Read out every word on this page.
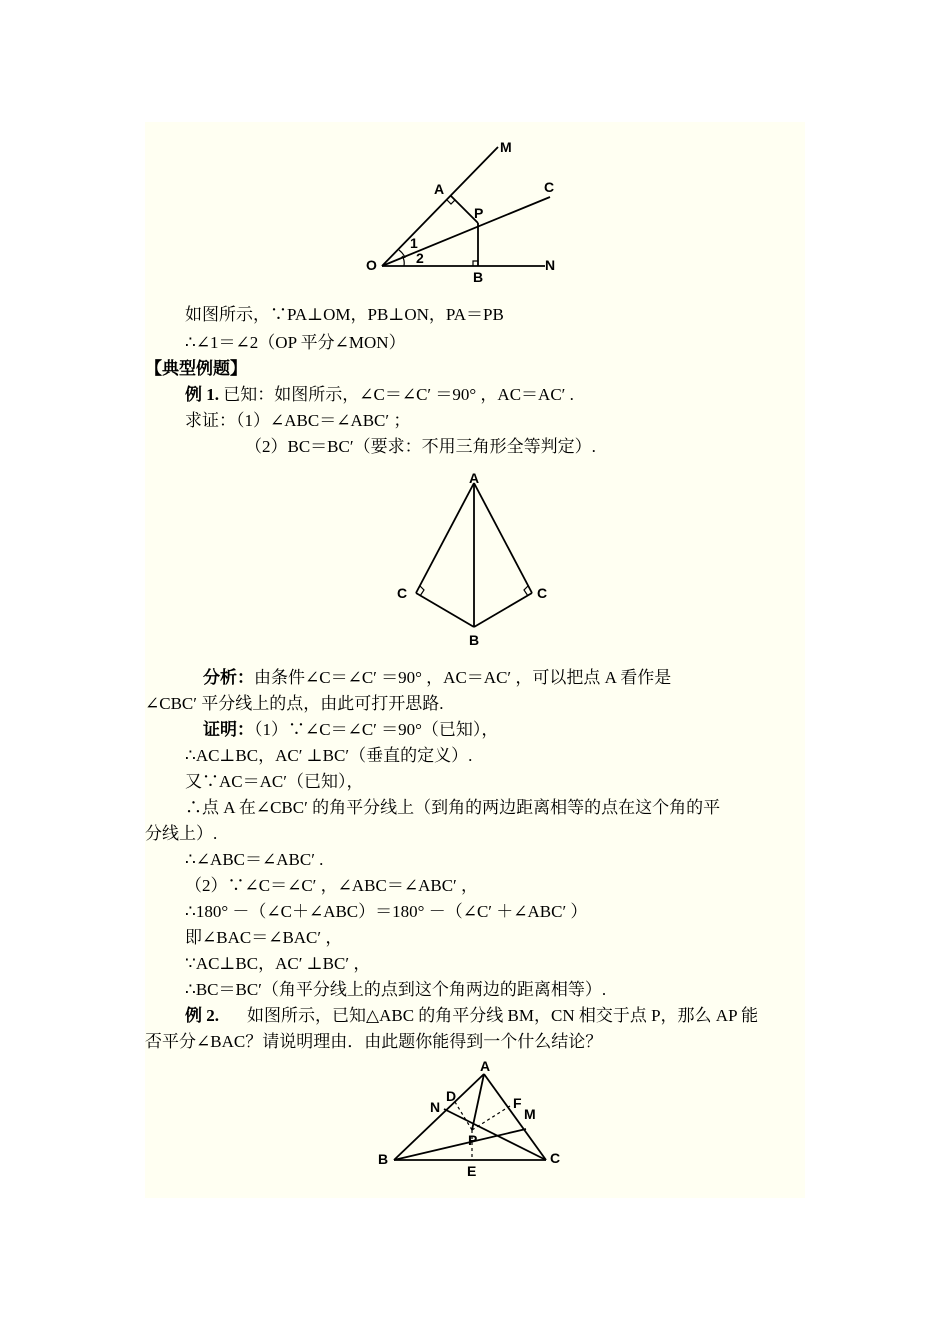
M
A	C
P
1
2
O
B
N
如图所示，∵PA⊥OM，PB⊥ON，PA＝PB
∴∠1＝∠2（OP 平分∠MON）
【典型例题】
例 1. 已知：如图所示，∠C＝∠C′ ＝90° ，AC＝AC′ .
求证：（1）∠ABC＝∠ABC′ ；
（2）BC＝BC′（要求：不用三角形全等判定）.
A
C	C
B
分析：由条件∠C＝∠C′ ＝90° ，AC＝AC′ ，可以把点 A 看作是
∠CBC′ 平分线上的点，由此可打开思路.
证明：（1）∵∠C＝∠C′ ＝90°（已知），
∴AC⊥BC，AC′ ⊥BC′（垂直的定义）.
又∵AC＝AC′（已知），
∴点 A 在∠CBC′ 的角平分线上（到角的两边距离相等的点在这个角的平
分线上）.
∴∠ABC＝∠ABC′ .
（2）∵∠C＝∠C′ ，∠ABC＝∠ABC′ ，
∴180° －（∠C＋∠ABC）＝180° －（∠C′ ＋∠ABC′ ）
即∠BAC＝∠BAC′ ，
∵AC⊥BC，AC′ ⊥BC′ ，
∴BC＝BC′（角平分线上的点到这个角两边的距离相等）.
例 2. 如图所示，已知△ABC 的角平分线 BM，CN 相交于点 P，那么 AP 能
否平分∠BAC？请说明理由．由此题你能得到一个什么结论？
A
D
N	F
M
P
B
E
C
